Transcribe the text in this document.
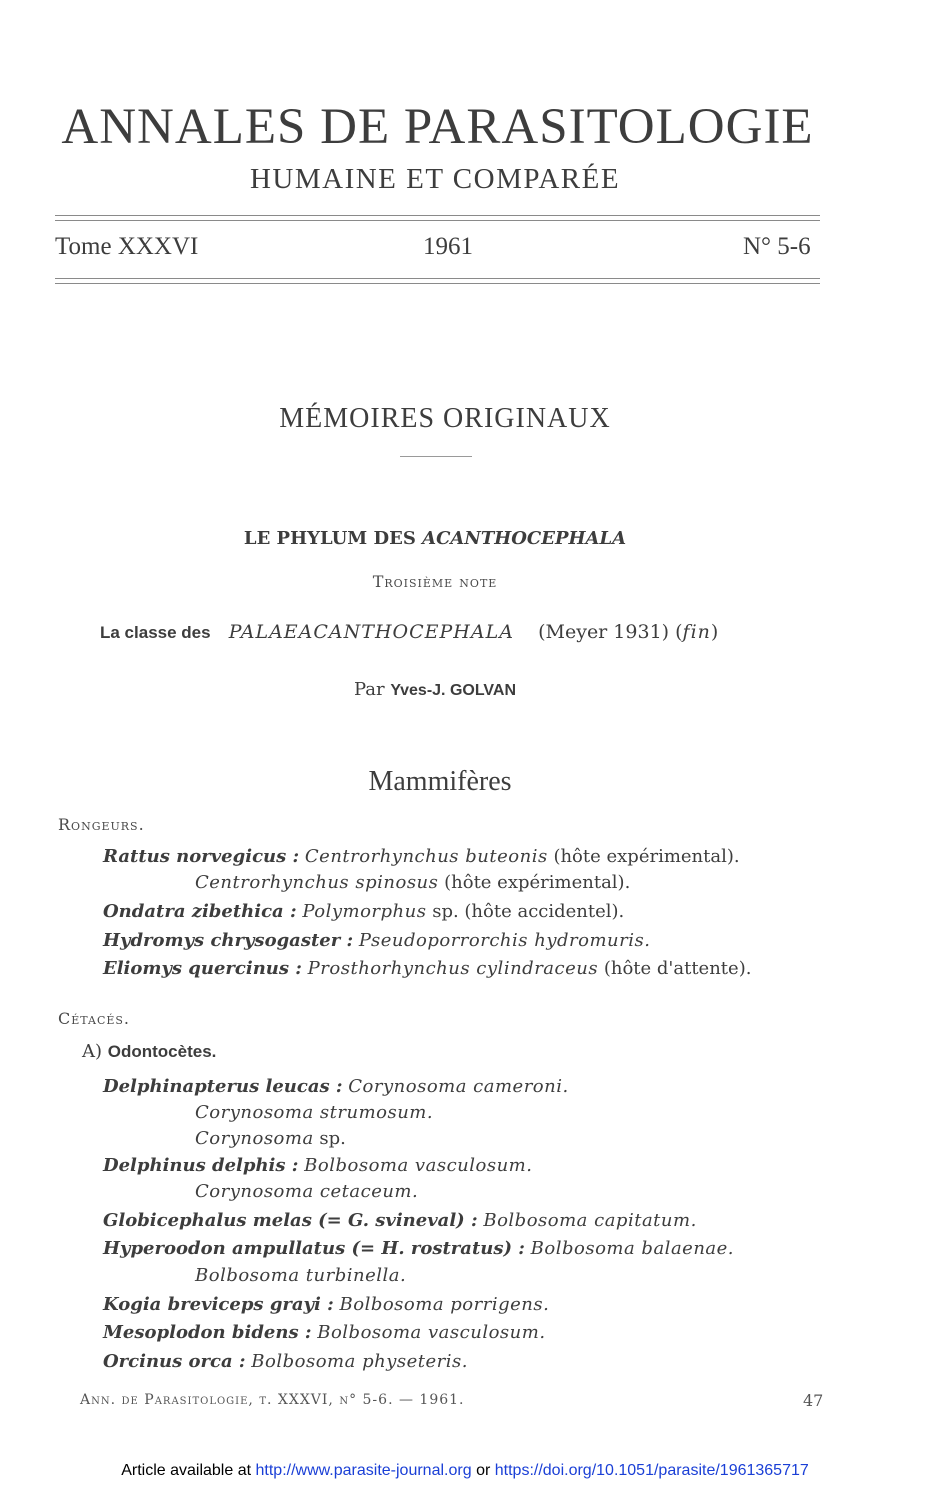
ANNALES DE PARASITOLOGIE
HUMAINE ET COMPARÉE
Tome XXXVI	1961	N° 5-6
MÉMOIRES ORIGINAUX
LE PHYLUM DES ACANTHOCEPHALA
Troisième note
La classe des PALAEACANTHOCEPHALA (Meyer 1931) (fin)
Par Yves-J. GOLVAN
Mammifères
Rongeurs.
Rattus norvegicus : Centrorhynchus buteonis (hôte expérimental).
Centrorhynchus spinosus (hôte expérimental).
Ondatra zibethica : Polymorphus sp. (hôte accidentel).
Hydromys chrysogaster : Pseudoporrorchis hydromuris.
Eliomys quercinus : Prosthorhynchus cylindraceus (hôte d'attente).
Cétacés.
A) Odontocètes.
Delphinapterus leucas : Corynosoma cameroni.
Corynosoma strumosum.
Corynosoma sp.
Delphinus delphis : Bolbosoma vasculosum.
Corynosoma cetaceum.
Globicephalus melas (= G. svineval) : Bolbosoma capitatum.
Hyperoodon ampullatus (= H. rostratus) : Bolbosoma balaenae.
Bolbosoma turbinella.
Kogia breviceps grayi : Bolbosoma porrigens.
Mesoplodon bidens : Bolbosoma vasculosum.
Orcinus orca : Bolbosoma physeteris.
Ann. de Parasitologie, t. XXXVI, n° 5-6. — 1961.	47
Article available at http://www.parasite-journal.org or https://doi.org/10.1051/parasite/1961365717
